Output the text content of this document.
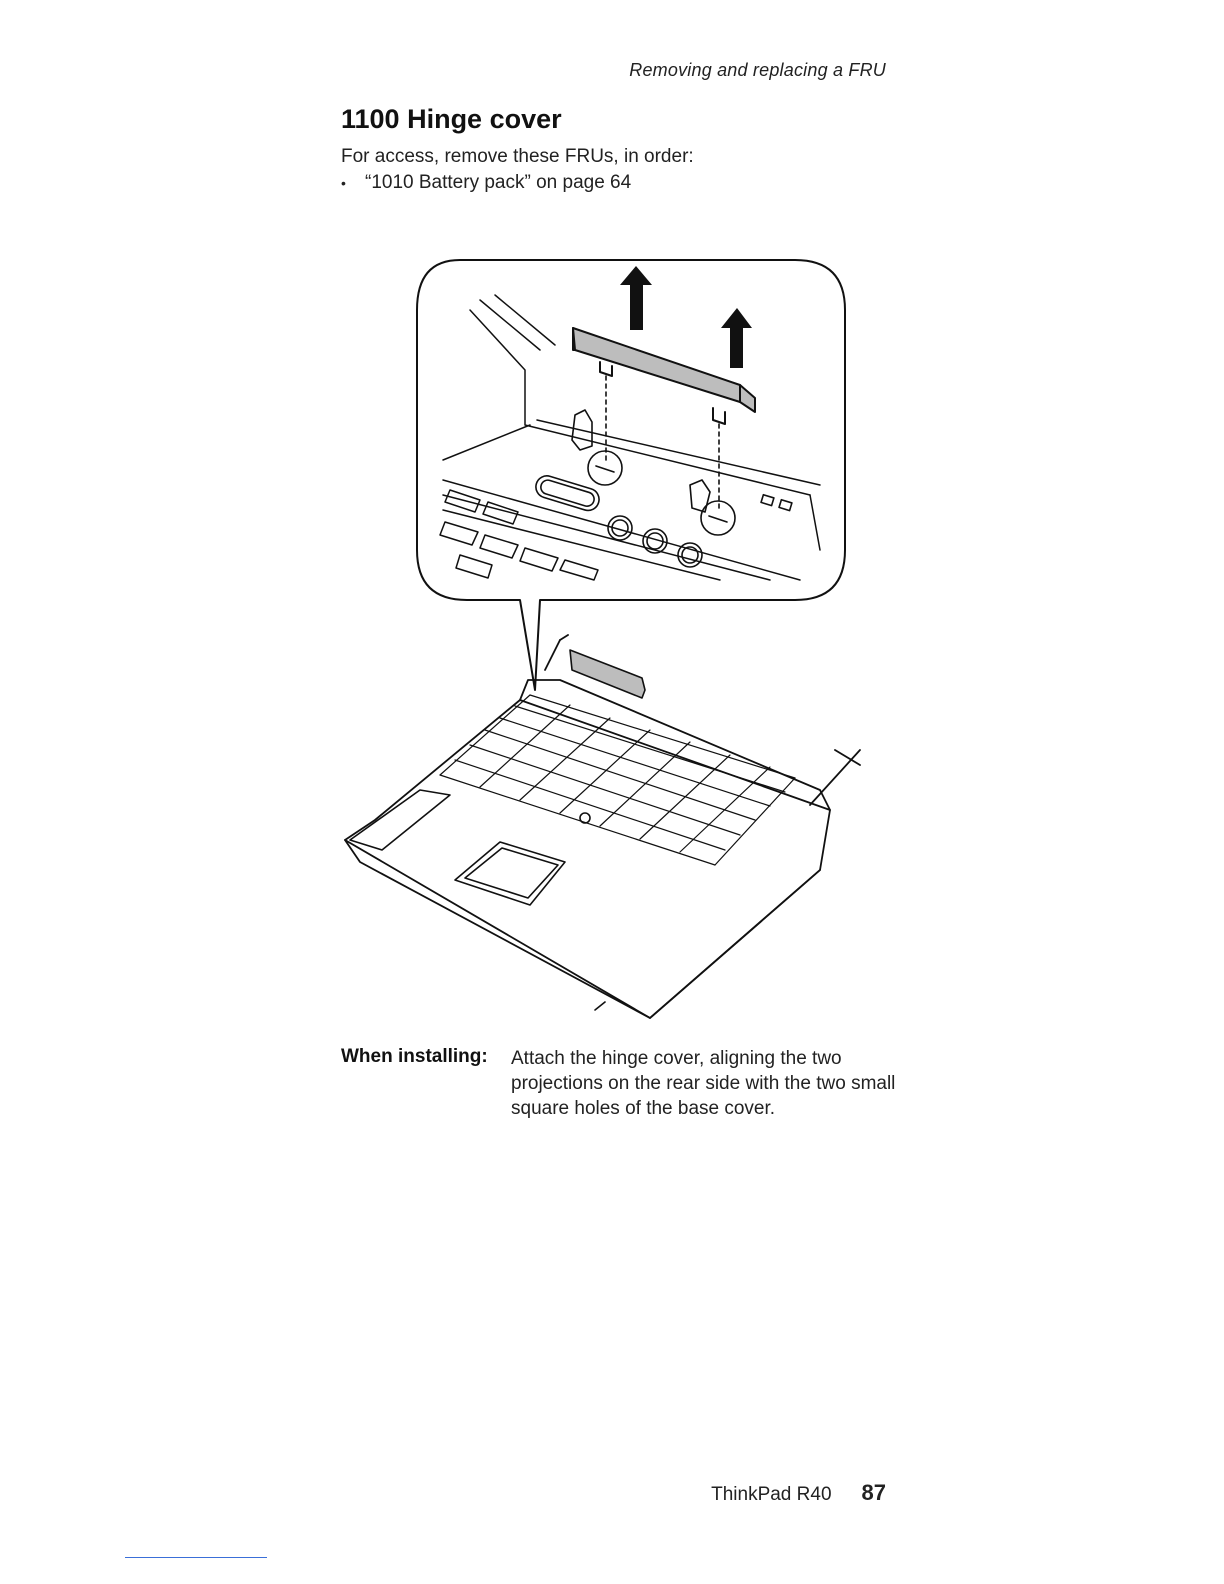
Removing and replacing a FRU
1100 Hinge cover
For access, remove these FRUs, in order:
•	“1010 Battery pack” on page 64
When installing: Attach the hinge cover, aligning the two projections on the rear side with the two small square holes of the base cover.
ThinkPad R40 87
